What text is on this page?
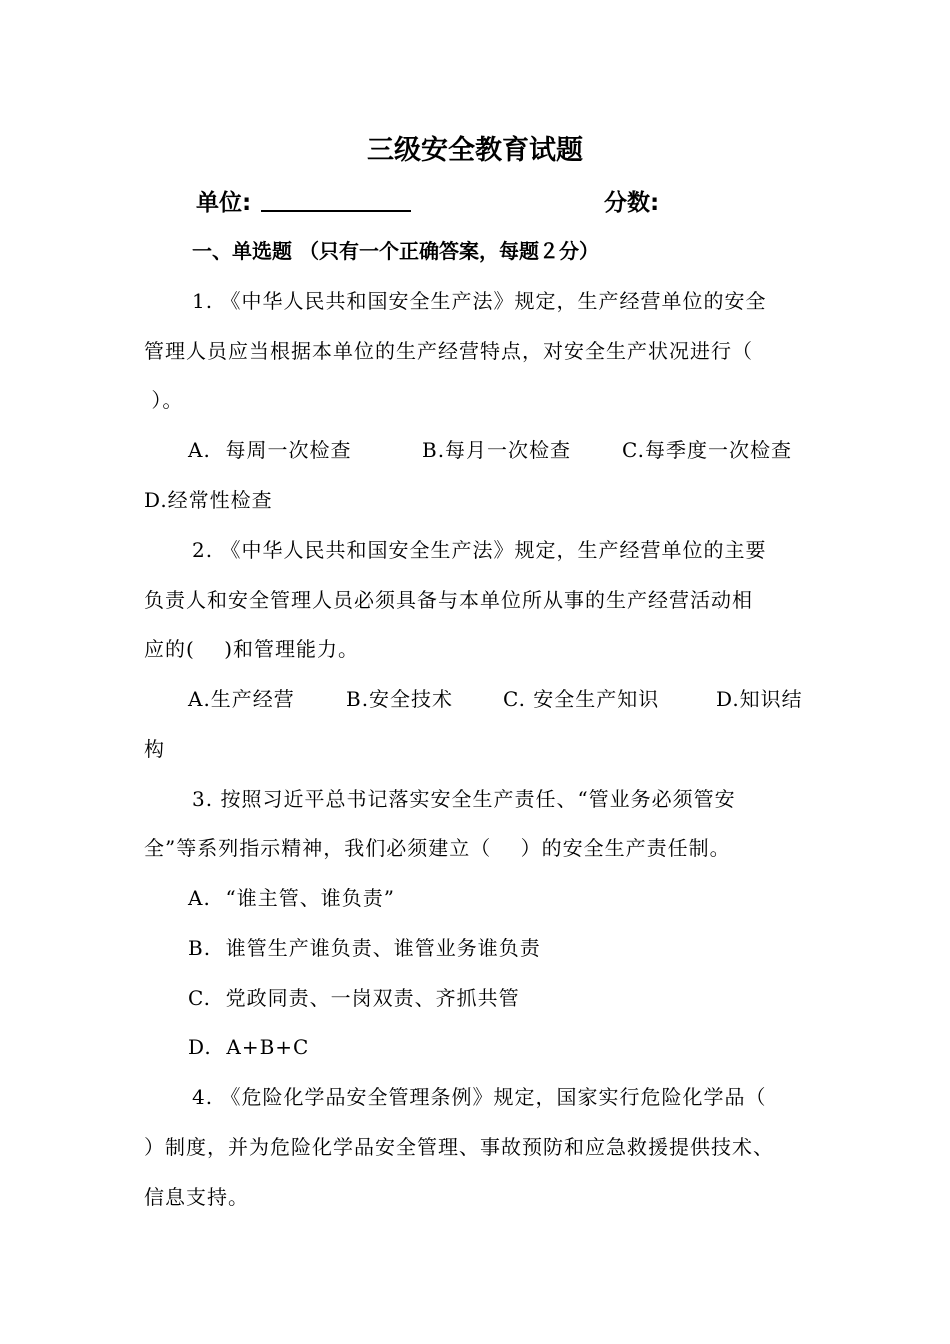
三级安全教育试题
单位:	分数:
一、单选题 （只有一个正确答案，每题２分）
1. 《中华人民共和国安全生产法》规定，生产经营单位的安全
管理人员应当根据本单位的生产经营特点，对安全生产状况进行（
）。
A.  每周一次检查	B.每月一次检查	C.每季度一次检查
D.经常性检查
2. 《中华人民共和国安全生产法》规定，生产经营单位的主要
负责人和安全管理人员必须具备与本单位所从事的生产经营活动相
应的(    )和管理能力。
A.生产经营	B.安全技术 C. 安全生产知识	D.知识结
构
3. 按照习近平总书记落实安全生产责任、“管业务必须管安
全”等系列指示精神，我们必须建立（    ）的安全生产责任制。
A.  “谁主管、谁负责”
B.  谁管生产谁负责、谁管业务谁负责
C.  党政同责、一岗双责、齐抓共管
D.  A+B+C
4. 《危险化学品安全管理条例》规定，国家实行危险化学品（
）制度，并为危险化学品安全管理、事故预防和应急救援提供技术、
信息支持。
